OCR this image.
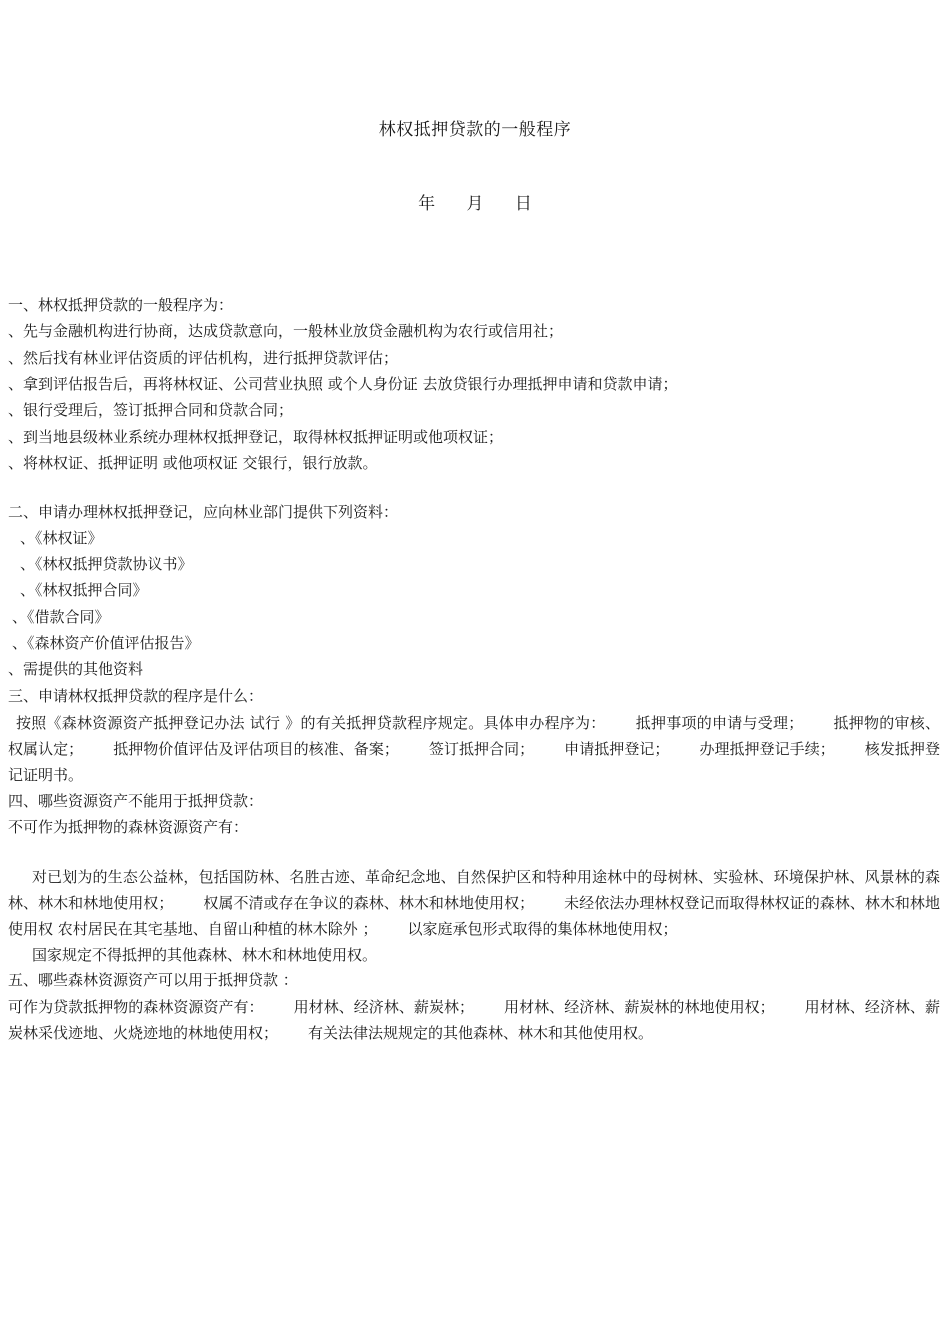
林权抵押贷款的一般程序
年 月 日
一、林权抵押贷款的一般程序为：
、先与金融机构进行协商，达成贷款意向，一般林业放贷金融机构为农行或信用社；
、然后找有林业评估资质的评估机构，进行抵押贷款评估；
、拿到评估报告后，再将林权证、公司营业执照 或个人身份证 去放贷银行办理抵押申请和贷款申请；
、银行受理后，签订抵押合同和贷款合同；
、到当地县级林业系统办理林权抵押登记，取得林权抵押证明或他项权证；
、将林权证、抵押证明 或他项权证 交银行，银行放款。
二、申请办理林权抵押登记，应向林业部门提供下列资料：
、《林权证》
、《林权抵押贷款协议书》
、《林权抵押合同》
、《借款合同》
、《森林资产价值评估报告》
、需提供的其他资料
三、申请林权抵押贷款的程序是什么：
按照《森林资源资产抵押登记办法 试行 》的有关抵押贷款程序规定。具体申办程序为： 抵押事项的申请与受理； 抵押物的审核、权属认定； 抵押物价值评估及评估项目的核准、备案； 签订抵押合同； 申请抵押登记； 办理抵押登记手续； 核发抵押登记证明书。
四、哪些资源资产不能用于抵押贷款：
不可作为抵押物的森林资源资产有：
对已划为的生态公益林，包括国防林、名胜古迹、革命纪念地、自然保护区和特种用途林中的母树林、实验林、环境保护林、风景林的森林、林木和林地使用权； 权属不清或存在争议的森林、林木和林地使用权； 未经依法办理林权登记而取得林权证的森林、林木和林地使用权 农村居民在其宅基地、自留山种植的林木除外 ； 以家庭承包形式取得的集体林地使用权；
国家规定不得抵押的其他森林、林木和林地使用权。
五、哪些森林资源资产可以用于抵押贷款 ：
可作为贷款抵押物的森林资源资产有： 用材林、经济林、薪炭林； 用材林、经济林、薪炭林的林地使用权； 用材林、经济林、薪炭林采伐迹地、火烧迹地的林地使用权； 有关法律法规规定的其他森林、林木和其他使用权。
